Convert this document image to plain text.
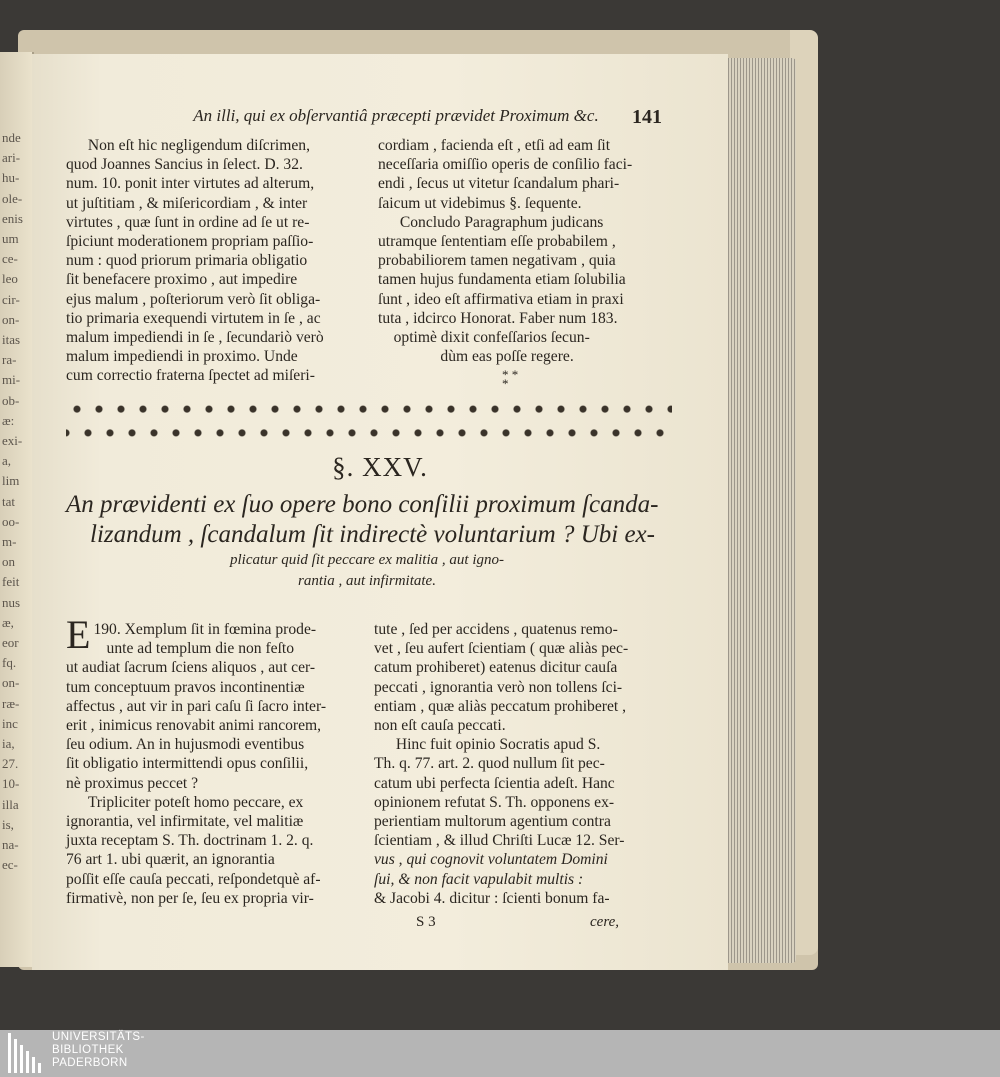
nde
ari-
hu-
ole-
enis
um
ce-
leo
cir-
on-
itas
ra-
mi-
ob-
æ:
exi-
a,
lim
tat
oo-
m-
on
feit
nus
æ,
eor
fq.
on-
ræ-
inc
ia,
27.
10-
illa
is,
na-
ec-
An illi, qui ex obſervantiâ præcepti prævidet Proximum &c.	141

Non eſt hic negligendum diſcrimen,

quod Joannes Sancius in ſelect. D. 32.

num. 10. ponit inter virtutes ad alterum,

ut juſtitiam , & miſericordiam , & inter

virtutes , quæ ſunt in ordine ad ſe ut re-

ſpiciunt moderationem propriam paſſio-

num : quod priorum primaria obligatio

ſit benefacere proximo , aut impedire

ejus malum , poſteriorum verò ſit obliga-

tio primaria exequendi virtutem in ſe , ac

malum impediendi in ſe , ſecundariò verò

malum impediendi in proximo. Unde

cum correctio fraterna ſpectet ad miſeri-

cordiam , facienda eſt , etſi ad eam ſit

neceſſaria omiſſio operis de conſilio faci-

endi , ſecus ut vitetur ſcandalum phari-

ſaicum ut videbimus §. ſequente.

Concludo Paragraphum judicans

utramque ſententiam eſſe probabilem ,

probabiliorem tamen negativam , quia

tamen hujus fundamenta etiam ſolubilia

ſunt , ideo eſt affirmativa etiam in praxi

tuta , idcirco Honorat. Faber num 183.

optimè dixit confeſſarios ſecun-

dùm eas poſſe regere.

* *
*
§. XXV.
An prævidenti ex ſuo opere bono conſilii proximum ſcanda-
lizandum , ſcandalum ſit indirectè voluntarium ? Ubi ex-
plicatur quid ſit peccare ex malitia , aut igno-
rantia , aut infirmitate.

190.
E Xemplum ſit in fœmina prode-

unte ad templum die non feſto

ut audiat ſacrum ſciens aliquos , aut cer-

tum conceptuum pravos incontinentiæ

affectus , aut vir in pari caſu ſi ſacro inter-

erit , inimicus renovabit animi rancorem,

ſeu odium. An in hujusmodi eventibus

ſit obligatio intermittendi opus conſilii,

nè proximus peccet ?

Tripliciter poteſt homo peccare, ex

ignorantia, vel infirmitate, vel malitiæ

juxta receptam S. Th. doctrinam 1. 2. q.

76 art 1. ubi quærit, an ignorantia

poſſit eſſe cauſa peccati, reſpondetquè af-

firmativè, non per ſe, ſeu ex propria vir-

tute , ſed per accidens , quatenus remo-

vet , ſeu aufert ſcientiam ( quæ aliàs pec-

catum prohiberet) eatenus dicitur cauſa

peccati , ignorantia verò non tollens ſci-

entiam , quæ aliàs peccatum prohiberet ,

non eſt cauſa peccati.

Hinc fuit opinio Socratis apud S.

Th. q. 77. art. 2. quod nullum ſit pec-

catum ubi perfecta ſcientia adeſt. Hanc

opinionem refutat S. Th. opponens ex-

perientiam multorum agentium contra

ſcientiam , & illud Chriſti Lucæ 12. Ser-

vus , qui cognovit voluntatem Domini

ſui, & non facit vapulabit multis :

& Jacobi 4. dicitur : ſcienti bonum fa-

S 3	cere,
UNIVERSITÄTS-
BIBLIOTHEK
PADERBORN
